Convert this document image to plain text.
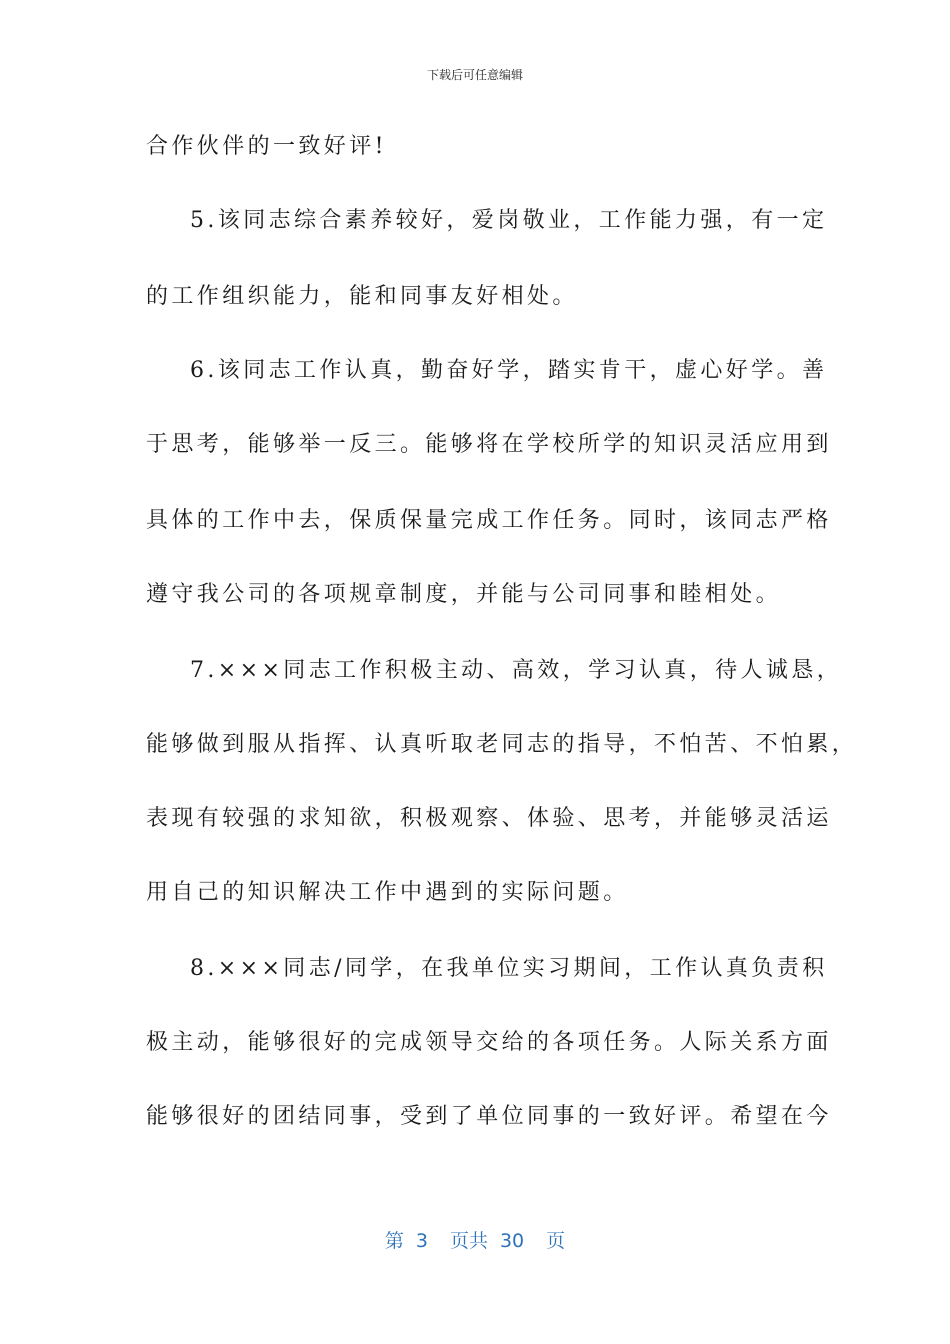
下载后可任意编辑
合作伙伴的一致好评!
5.该同志综合素养较好，爱岗敬业，工作能力强，有一定
的工作组织能力，能和同事友好相处。
6.该同志工作认真，勤奋好学，踏实肯干，虚心好学。善
于思考，能够举一反三。能够将在学校所学的知识灵活应用到
具体的工作中去，保质保量完成工作任务。同时，该同志严格
遵守我公司的各项规章制度，并能与公司同事和睦相处。
7.×××同志工作积极主动、高效，学习认真，待人诚恳，
能够做到服从指挥、认真听取老同志的指导，不怕苦、不怕累，
表现有较强的求知欲，积极观察、体验、思考，并能够灵活运
用自己的知识解决工作中遇到的实际问题。
8.×××同志/同学，在我单位实习期间，工作认真负责积
极主动，能够很好的完成领导交给的各项任务。人际关系方面
能够很好的团结同事，受到了单位同事的一致好评。希望在今
第 3 页共 30 页
